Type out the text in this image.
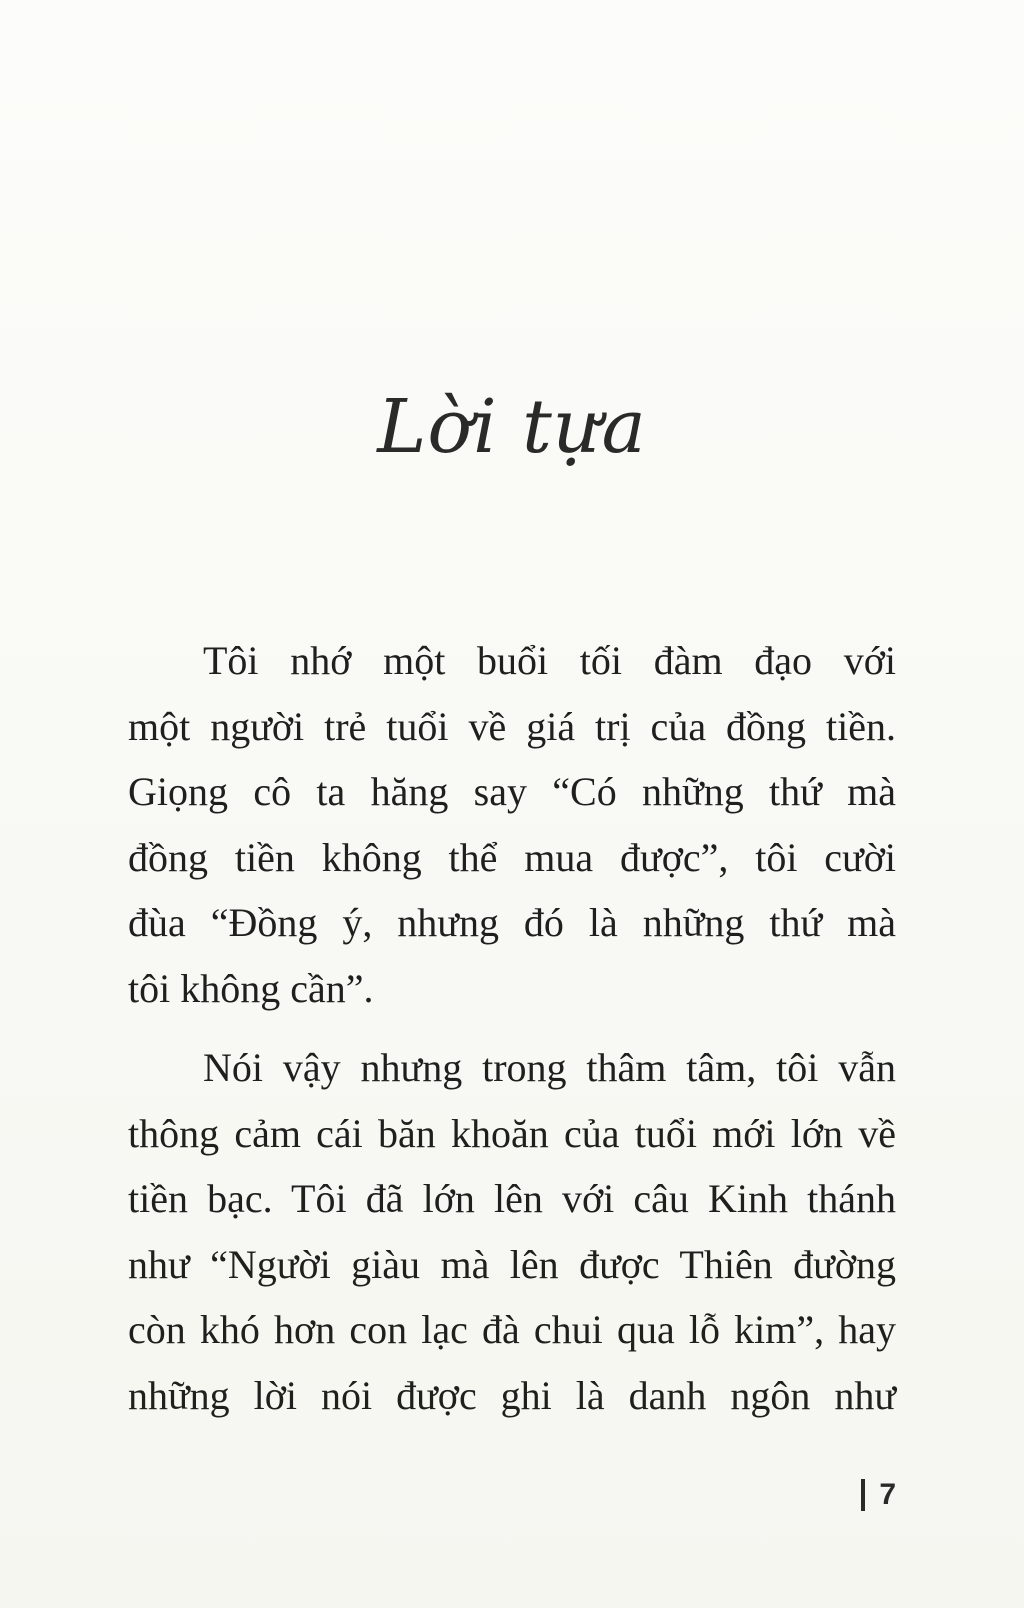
Lời tựa
Tôi nhớ một buổi tối đàm đạo với
một người trẻ tuổi về giá trị của đồng tiền.
Giọng cô ta hăng say “Có những thứ mà
đồng tiền không thể mua được”, tôi cười
đùa “Đồng ý, nhưng đó là những thứ mà
tôi không cần”.
Nói vậy nhưng trong thâm tâm, tôi vẫn
thông cảm cái băn khoăn của tuổi mới lớn về
tiền bạc. Tôi đã lớn lên với câu Kinh thánh
như “Người giàu mà lên được Thiên đường
còn khó hơn con lạc đà chui qua lỗ kim”, hay
những lời nói được ghi là danh ngôn như
7
